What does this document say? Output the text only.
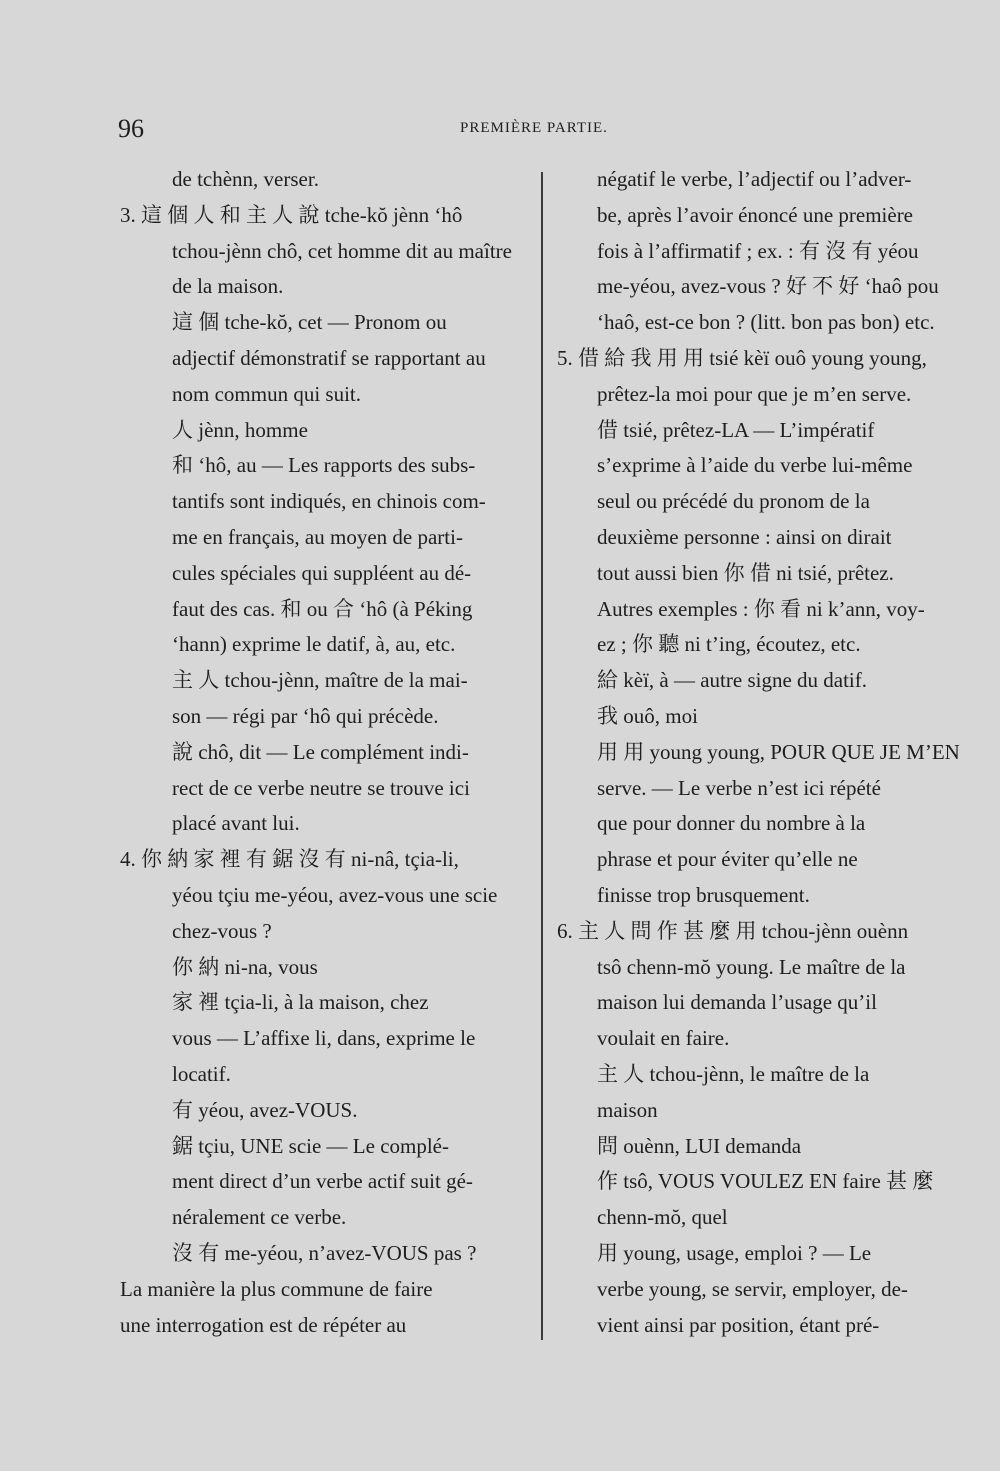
96	PREMIÈRE PARTIE.
de tchènn, verser.
3. 這 個 人 和 主 人 說 tche-kŏ jènn ‘hô
tchou-jènn chô, cet homme dit au maître
de la maison.
這 個 tche-kŏ, cet — Pronom ou
adjectif démonstratif se rapportant au
nom commun qui suit.
人 jènn, homme
和 ‘hô, au — Les rapports des subs-
tantifs sont indiqués, en chinois com-
me en français, au moyen de parti-
cules spéciales qui suppléent au dé-
faut des cas. 和 ou 合 ‘hô (à Péking
‘hann) exprime le datif, à, au, etc.
主 人 tchou-jènn, maître de la mai-
son — régi par ‘hô qui précède.
說 chô, dit — Le complément indi-
rect de ce verbe neutre se trouve ici
placé avant lui.
4. 你 納 家 裡 有 鋸 沒 有 ni-nâ, tçia-li,
yéou tçiu me-yéou, avez-vous une scie
chez-vous ?
你 納 ni-na, vous
家 裡 tçia-li, à la maison, chez
vous — L’affixe li, dans, exprime le
locatif.
有 yéou, avez-VOUS.
鋸 tçiu, UNE scie — Le complé-
ment direct d’un verbe actif suit gé-
néralement ce verbe.
沒 有 me-yéou, n’avez-VOUS pas ?
La manière la plus commune de faire
une interrogation est de répéter au
négatif le verbe, l’adjectif ou l’adver-
be, après l’avoir énoncé une première
fois à l’affirmatif ; ex. : 有 沒 有 yéou
me-yéou, avez-vous ? 好 不 好 ‘haô pou
‘haô, est-ce bon ? (litt. bon pas bon) etc.
5. 借 給 我 用 用 tsié kèï ouô young young,
prêtez-la moi pour que je m’en serve.
借 tsié, prêtez-LA — L’impératif
s’exprime à l’aide du verbe lui-même
seul ou précédé du pronom de la
deuxième personne : ainsi on dirait
tout aussi bien 你 借 ni tsié, prêtez.
Autres exemples : 你 看 ni k’ann, voy-
ez ; 你 聽 ni t’ing, écoutez, etc.
給 kèï, à — autre signe du datif.
我 ouô, moi
用 用 young young, POUR QUE JE M’EN
serve. — Le verbe n’est ici répété
que pour donner du nombre à la
phrase et pour éviter qu’elle ne
finisse trop brusquement.
6. 主 人 問 作 甚 麼 用 tchou-jènn ouènn
tsô chenn-mŏ young. Le maître de la
maison lui demanda l’usage qu’il
voulait en faire.
主 人 tchou-jènn, le maître de la
maison
問 ouènn, LUI demanda
作 tsô, VOUS VOULEZ EN faire 甚 麼
chenn-mŏ, quel
用 young, usage, emploi ? — Le
verbe young, se servir, employer, de-
vient ainsi par position, étant pré-
